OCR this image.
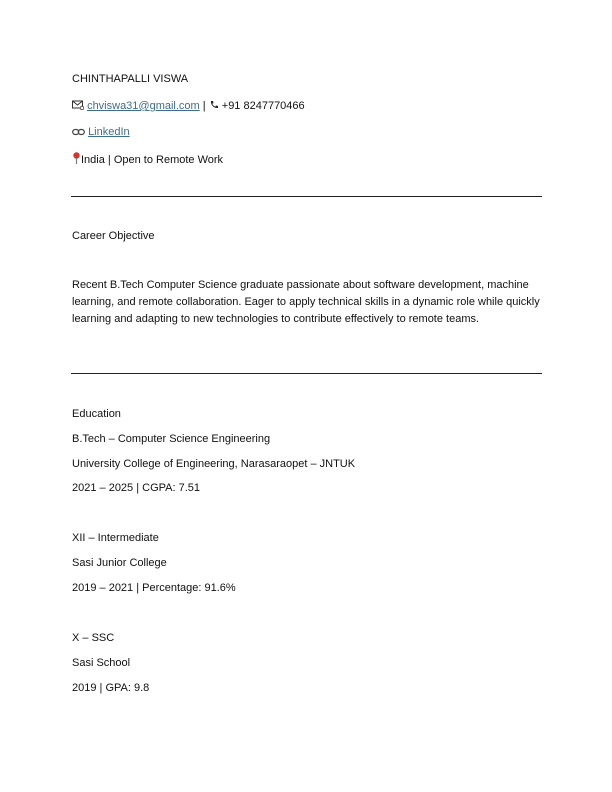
CHINTHAPALLI VISWA
chviswa31@gmail.com | +91 8247770466
LinkedIn
India | Open to Remote Work
Career Objective
Recent B.Tech Computer Science graduate passionate about software development, machine learning, and remote collaboration. Eager to apply technical skills in a dynamic role while quickly learning and adapting to new technologies to contribute effectively to remote teams.
Education
B.Tech – Computer Science Engineering
University College of Engineering, Narasaraopet – JNTUK
2021 – 2025 | CGPA: 7.51
XII – Intermediate
Sasi Junior College
2019 – 2021 | Percentage: 91.6%
X – SSC
Sasi School
2019 | GPA: 9.8
